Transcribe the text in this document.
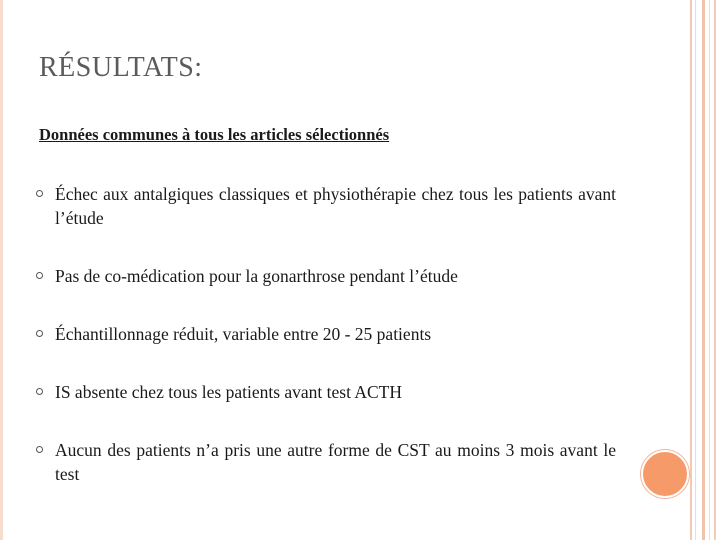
RÉSULTATS:
Données communes à tous les articles sélectionnés
Échec aux antalgiques classiques et physiothérapie chez tous les patients avant l’étude
Pas de co-médication pour la gonarthrose pendant l’étude
Échantillonnage réduit, variable entre 20 - 25 patients
IS absente chez tous les patients avant test ACTH
Aucun des patients n’a pris une autre forme de CST au moins 3 mois avant le test
